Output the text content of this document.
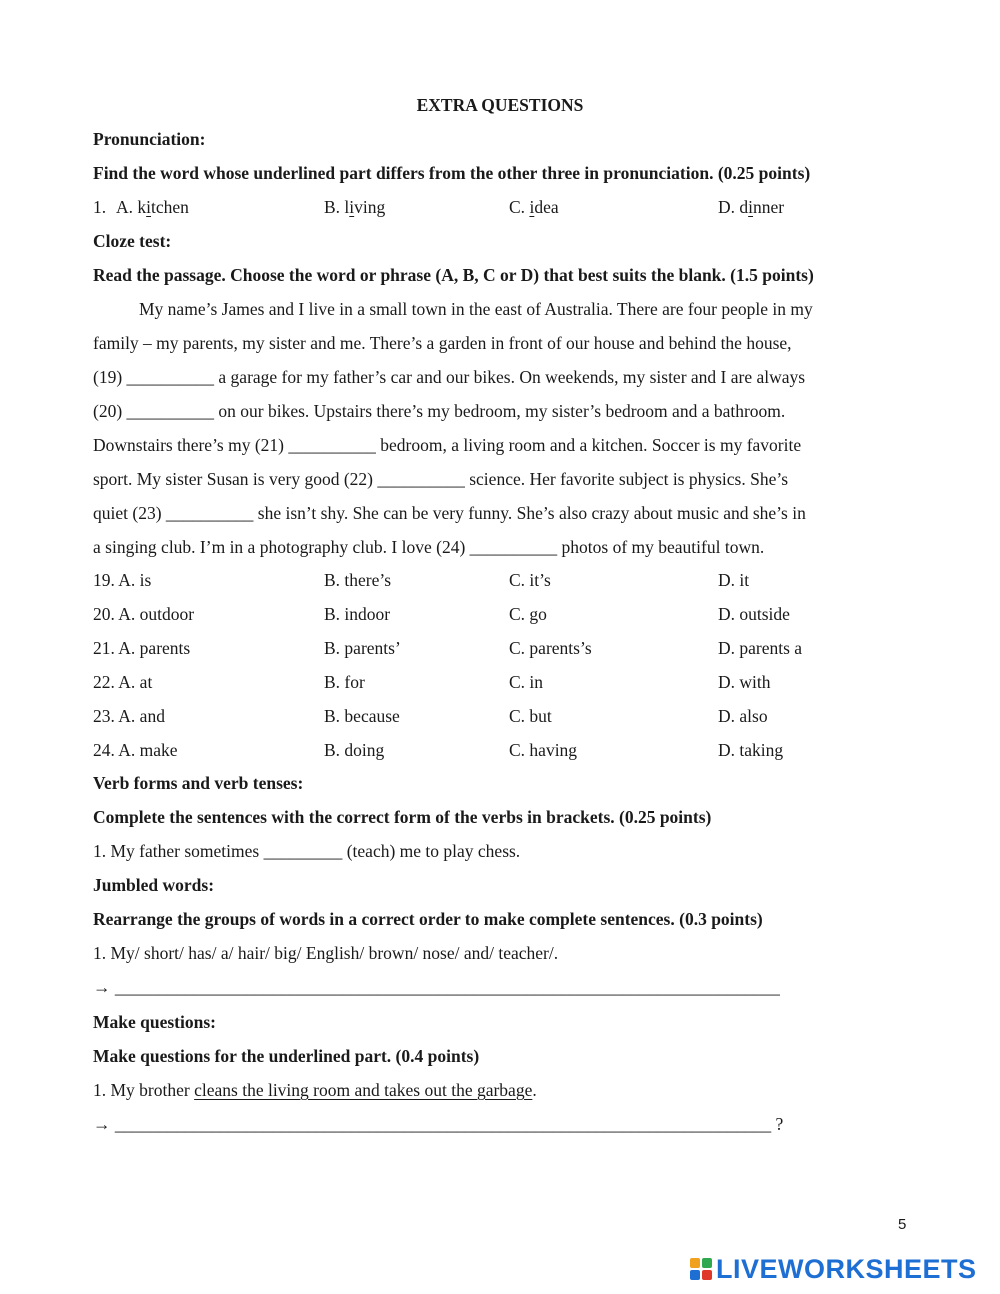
EXTRA QUESTIONS
Pronunciation:
Find the word whose underlined part differs from the other three in pronunciation. (0.25 points)
1. A. kitchen	B. living	C. idea	D. dinner
Cloze test:
Read the passage. Choose the word or phrase (A, B, C or D) that best suits the blank. (1.5 points)
My name’s James and I live in a small town in the east of Australia. There are four people in my
family – my parents, my sister and me. There’s a garden in front of our house and behind the house,
(19) __________ a garage for my father’s car and our bikes. On weekends, my sister and I are always
(20) __________ on our bikes. Upstairs there’s my bedroom, my sister’s bedroom and a bathroom.
Downstairs there’s my (21) __________ bedroom, a living room and a kitchen. Soccer is my favorite
sport. My sister Susan is very good (22) __________ science. Her favorite subject is physics. She’s
quiet (23) __________ she isn’t shy. She can be very funny. She’s also crazy about music and she’s in
a singing club. I’m in a photography club. I love (24) __________ photos of my beautiful town.
19. A. is	B. there’s	C. it’s	D. it
20. A. outdoor	B. indoor	C. go	D. outside
21. A. parents	B. parents’	C. parents’s	D. parents a
22. A. at	B. for	C. in	D. with
23. A. and	B. because	C. but	D. also
24. A. make	B. doing	C. having	D. taking
Verb forms and verb tenses:
Complete the sentences with the correct form of the verbs in brackets. (0.25 points)
1. My father sometimes _________ (teach) me to play chess.
Jumbled words:
Rearrange the groups of words in a correct order to make complete sentences. (0.3 points)
1. My/ short/ has/ a/ hair/ big/ English/ brown/ nose/ and/ teacher/.
→ ____________________________________________________________________________
Make questions:
Make questions for the underlined part. (0.4 points)
1. My brother cleans the living room and takes out the garbage.
→ ___________________________________________________________________________ ?
5
LIVEWORKSHEETS
